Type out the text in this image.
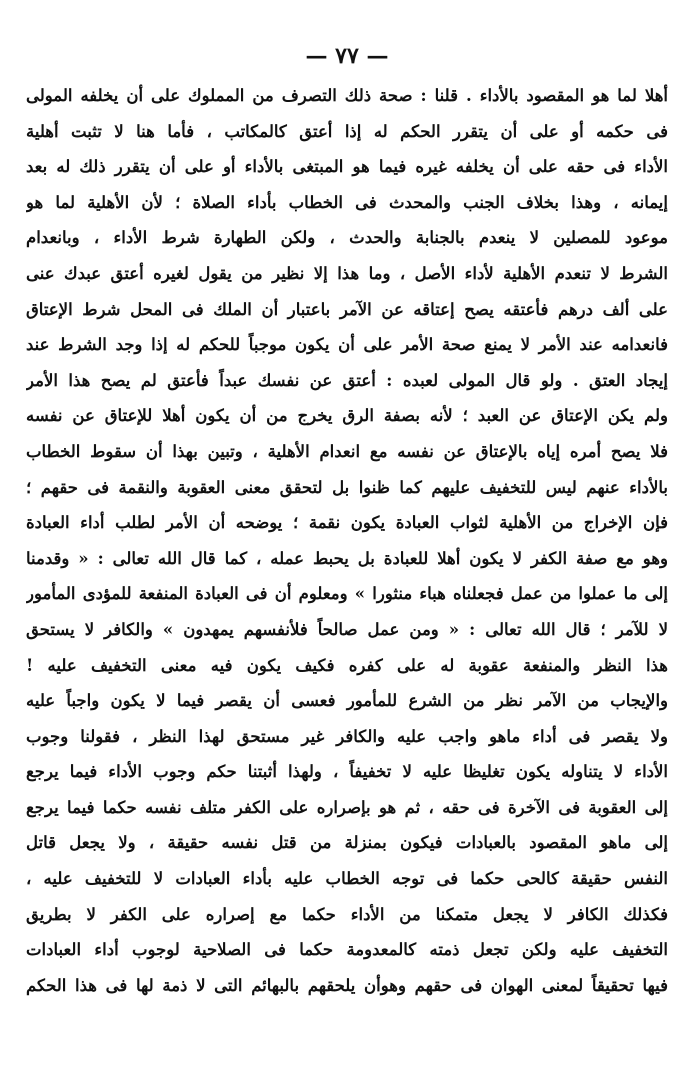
— ٧٧ —
أهلا لما هو المقصود بالأداء . قلنا : صحة ذلك التصرف من المملوك على أن يخلفه المولى
فى حكمه أو على أن يتقرر الحكم له إذا أعتق كالمكاتب ، فأما هنا لا تثبت أهلية
الأداء فى حقه على أن يخلفه غيره فيما هو المبتغى بالأداء أو على أن يتقرر ذلك له بعد
إيمانه ، وهذا بخلاف الجنب والمحدث فى الخطاب بأداء الصلاة ؛ لأن الأهلية لما هو
موعود للمصلين لا ينعدم بالجنابة والحدث ، ولكن الطهارة شرط الأداء ، وبانعدام
الشرط لا تنعدم الأهلية لأداء الأصل ، وما هذا إلا نظير من يقول لغيره أعتق عبدك عنى
على ألف درهم فأعتقه يصح إعتاقه عن الآمر باعتبار أن الملك فى المحل شرط الإعتاق
فانعدامه عند الأمر لا يمنع صحة الأمر على أن يكون موجباً للحكم له إذا وجد الشرط عند
إيجاد العتق . ولو قال المولى لعبده : أعتق عن نفسك عبداً فأعتق لم يصح هذا الأمر
ولم يكن الإعتاق عن العبد ؛ لأنه بصفة الرق يخرج من أن يكون أهلا للإعتاق عن نفسه
فلا يصح أمره إياه بالإعتاق عن نفسه مع انعدام الأهلية ، وتبين بهذا أن سقوط الخطاب
بالأداء عنهم ليس للتخفيف عليهم كما ظنوا بل لتحقق معنى العقوبة والنقمة فى حقهم ؛
فإن الإخراج من الأهلية لثواب العبادة يكون نقمة ؛ يوضحه أن الأمر لطلب أداء العبادة
وهو مع صفة الكفر لا يكون أهلا للعبادة بل يحبط عمله ، كما قال الله تعالى : « وقدمنا
إلى ما عملوا من عمل فجعلناه هباء منثورا » ومعلوم أن فى العبادة المنفعة للمؤدى المأمور
لا للآمر ؛ قال الله تعالى : « ومن عمل صالحاً فلأنفسهم يمهدون » والكافر لا يستحق
هذا النظر والمنفعة عقوبة له على كفره فكيف يكون فيه معنى التخفيف عليه !
والإيجاب من الآمر نظر من الشرع للمأمور فعسى أن يقصر فيما لا يكون واجباً عليه
ولا يقصر فى أداء ماهو واجب عليه والكافر غير مستحق لهذا النظر ، فقولنا وجوب
الأداء لا يتناوله يكون تغليظا عليه لا تخفيفاً ، ولهذا أثبتنا حكم وجوب الأداء فيما يرجع
إلى العقوبة فى الآخرة فى حقه ، ثم هو بإصراره على الكفر متلف نفسه حكما فيما يرجع
إلى ماهو المقصود بالعبادات فيكون بمنزلة من قتل نفسه حقيقة ، ولا يجعل قاتل
النفس حقيقة كالحى حكما فى توجه الخطاب عليه بأداء العبادات لا للتخفيف عليه ،
فكذلك الكافر لا يجعل متمكنا من الأداء حكما مع إصراره على الكفر لا بطريق
التخفيف عليه ولكن تجعل ذمته كالمعدومة حكما فى الصلاحية لوجوب أداء العبادات
فيها تحقيقاً لمعنى الهوان فى حقهم وهوأن يلحقهم بالبهائم التى لا ذمة لها فى هذا الحكم
